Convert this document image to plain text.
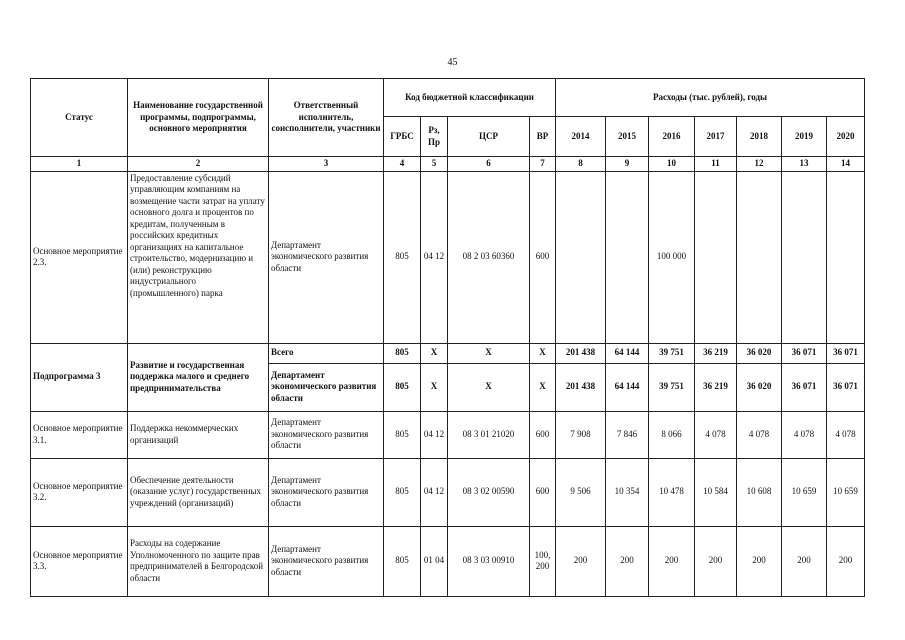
45
Статус	Наименование государственной программы, подпрограммы, основного мероприятия	Ответственный исполнитель, соисполнители, участники	Код бюджетной классификации				Расходы (тыс. рублей), годы						
			ГРБС	Рз, Пр	ЦСР	ВР	2014	2015	2016	2017	2018	2019	2020
1	2	3	4	5	6	7	8	9	10	11	12	13	14
Основное мероприятие 2.3.	Предоставление субсидий управляющим компаниям на возмещение части затрат на уплату основного долга и процентов по кредитам, полученным в российских кредитных организациях на капитальное строительство, модернизацию и (или) реконструкцию индустриального (промышленного) парка	Департамент экономического развития области	805	04 12	08 2 03 60360	600			100 000				
Подпрограмма 3	Развитие и государственная поддержка малого и среднего предпринимательства	Всего	805	Х	Х	Х	201 438	64 144	39 751	36 219	36 020	36 071	36 071
		Департамент экономического развития области	805	Х	Х	Х	201 438	64 144	39 751	36 219	36 020	36 071	36 071
Основное мероприятие 3.1.	Поддержка некоммерческих организаций	Департамент экономического развития области	805	04 12	08 3 01 21020	600	7 908	7 846	8 066	4 078	4 078	4 078	4 078
Основное мероприятие 3.2.	Обеспечение деятельности (оказание услуг) государственных учреждений (организаций)	Департамент экономического развития области	805	04 12	08 3 02 00590	600	9 506	10 354	10 478	10 584	10 608	10 659	10 659
Основное мероприятие 3.3.	Расходы на содержание Уполномоченного по защите прав предпринимателей в Белгородской области	Департамент экономического развития области	805	01 04	08 3 03 00910	100, 200	200	200	200	200	200	200	200
